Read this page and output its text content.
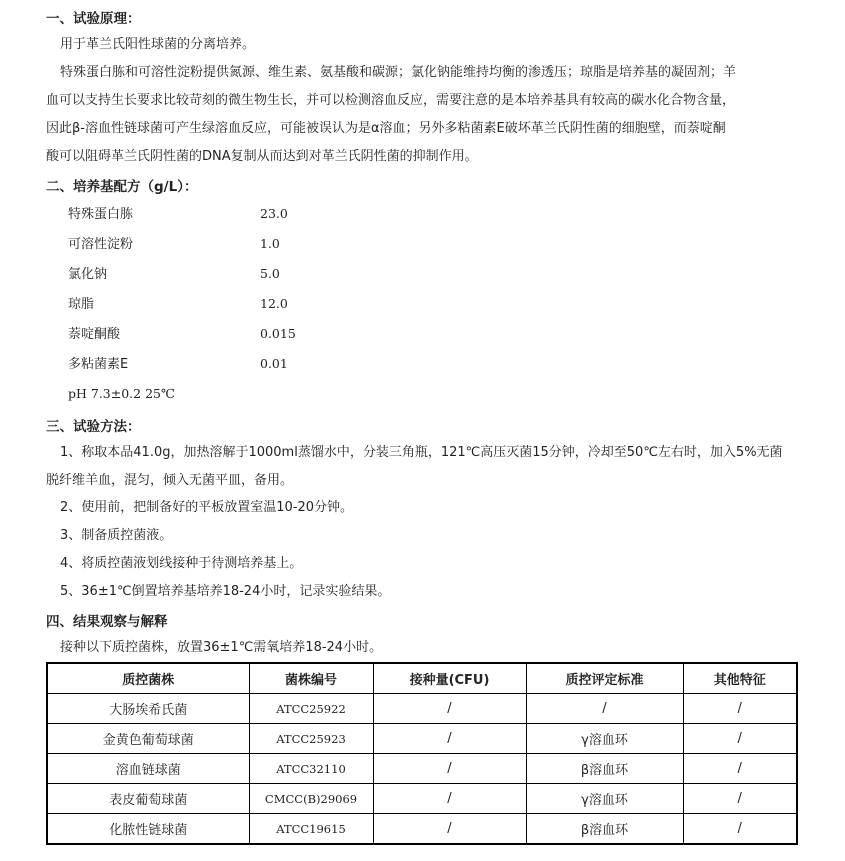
一、试验原理：
用于革兰氏阳性球菌的分离培养。
特殊蛋白胨和可溶性淀粉提供氮源、维生素、氨基酸和碳源；氯化钠能维持均衡的渗透压；琼脂是培养基的凝固剂；羊
血可以支持生长要求比较苛刻的微生物生长，并可以检测溶血反应，需要注意的是本培养基具有较高的碳水化合物含量，
因此β-溶血性链球菌可产生绿溶血反应，可能被误认为是α溶血；另外多粘菌素E破坏革兰氏阴性菌的细胞壁，而萘啶酮
酸可以阻碍革兰氏阴性菌的DNA复制从而达到对革兰氏阴性菌的抑制作用。
二、培养基配方（g/L）：
特殊蛋白胨	23.0
可溶性淀粉	1.0
氯化钠	5.0
琼脂	12.0
萘啶酮酸	0.015
多粘菌素E	0.01
pH 7.3±0.2 25℃
三、试验方法：
1、称取本品41.0g，加热溶解于1000ml蒸馏水中，分装三角瓶，121℃高压灭菌15分钟，冷却至50℃左右时，加入5%无菌
脱纤维羊血，混匀，倾入无菌平皿，备用。
2、使用前，把制备好的平板放置室温10-20分钟。
3、制备质控菌液。
4、将质控菌液划线接种于待测培养基上。
5、36±1℃倒置培养基培养18-24小时，记录实验结果。
四、结果观察与解释
接种以下质控菌株，放置36±1℃需氧培养18-24小时。
质控菌株	菌株编号	接种量(CFU)	质控评定标准	其他特征
大肠埃希氏菌	ATCC25922	/	/	/
金黄色葡萄球菌	ATCC25923	/	γ溶血环	/
溶血链球菌	ATCC32110	/	β溶血环	/
表皮葡萄球菌	CMCC(B)29069	/	γ溶血环	/
化脓性链球菌	ATCC19615	/	β溶血环	/
